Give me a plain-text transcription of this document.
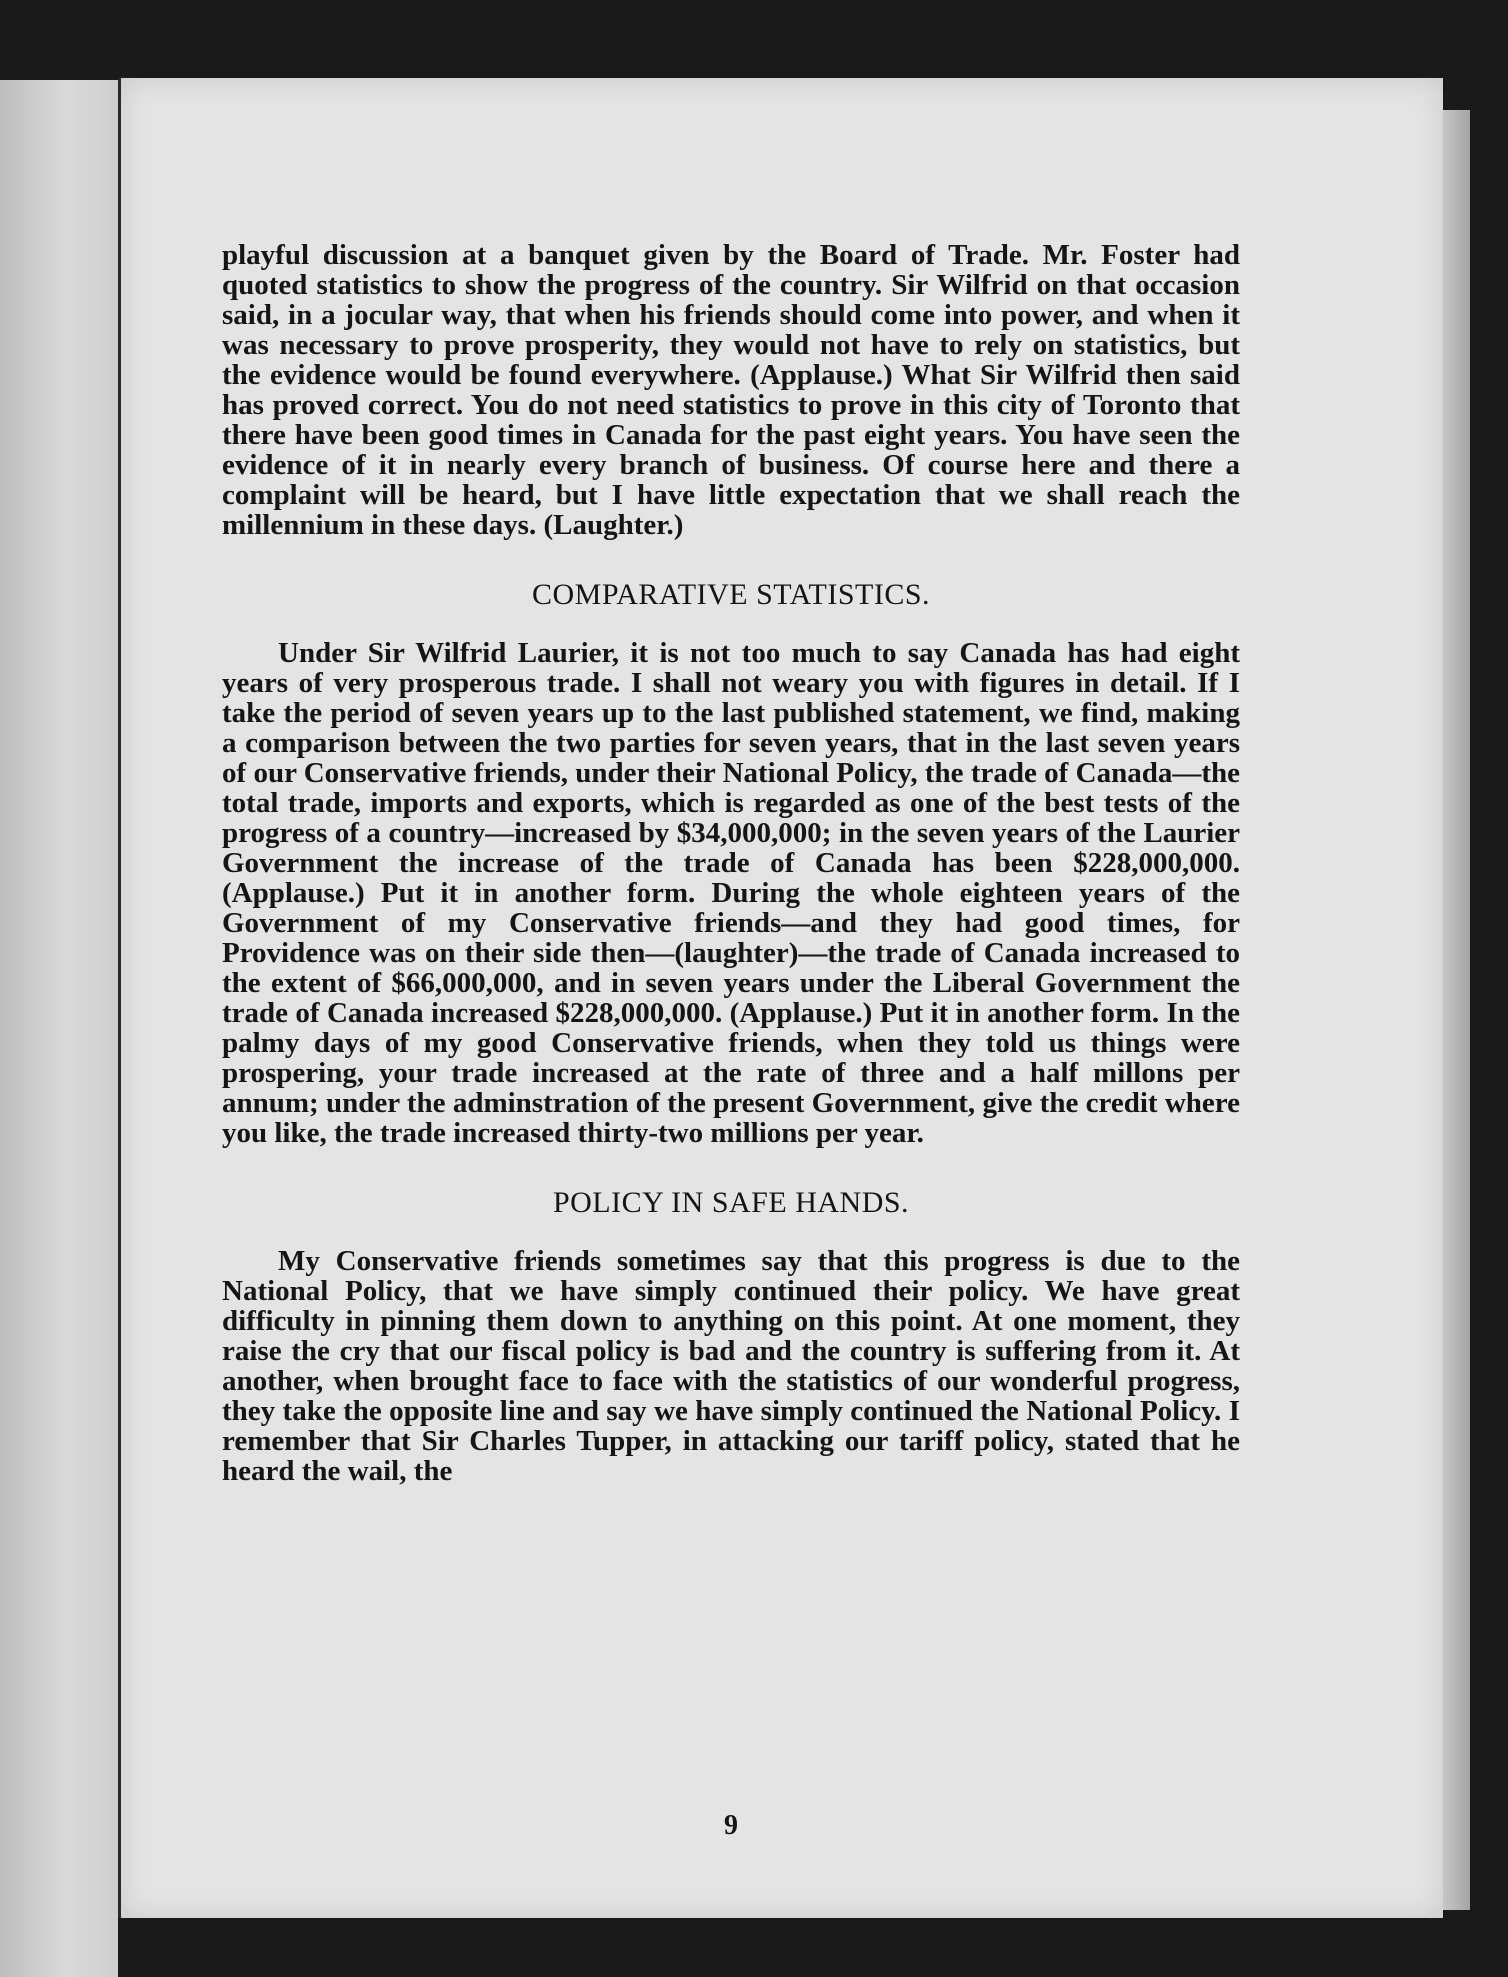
playful discussion at a banquet given by the Board of Trade. Mr. Foster had quoted statistics to show the progress of the country. Sir Wilfrid on that occasion said, in a jocular way, that when his friends should come into power, and when it was necessary to prove prosperity, they would not have to rely on statistics, but the evidence would be found everywhere. (Applause.) What Sir Wilfrid then said has proved correct. You do not need statistics to prove in this city of Toronto that there have been good times in Canada for the past eight years. You have seen the evidence of it in nearly every branch of business. Of course here and there a complaint will be heard, but I have little expectation that we shall reach the millennium in these days. (Laughter.)

COMPARATIVE STATISTICS.

Under Sir Wilfrid Laurier, it is not too much to say Canada has had eight years of very prosperous trade. I shall not weary you with figures in detail. If I take the period of seven years up to the last published statement, we find, making a comparison between the two parties for seven years, that in the last seven years of our Conservative friends, under their National Policy, the trade of Canada—the total trade, imports and exports, which is regarded as one of the best tests of the progress of a country—increased by $34,000,000; in the seven years of the Laurier Government the increase of the trade of Canada has been $228,000,000. (Applause.) Put it in another form. During the whole eighteen years of the Government of my Conservative friends—and they had good times, for Providence was on their side then—(laughter)—the trade of Canada increased to the extent of $66,000,000, and in seven years under the Liberal Government the trade of Canada increased $228,000,000. (Applause.) Put it in another form. In the palmy days of my good Conservative friends, when they told us things were prospering, your trade increased at the rate of three and a half millons per annum; under the adminstration of the present Government, give the credit where you like, the trade increased thirty-two millions per year.

POLICY IN SAFE HANDS.

My Conservative friends sometimes say that this progress is due to the National Policy, that we have simply continued their policy. We have great difficulty in pinning them down to anything on this point. At one moment, they raise the cry that our fiscal policy is bad and the country is suffering from it. At another, when brought face to face with the statistics of our wonderful progress, they take the opposite line and say we have simply continued the National Policy. I remember that Sir Charles Tupper, in attacking our tariff policy, stated that he heard the wail, the

9
